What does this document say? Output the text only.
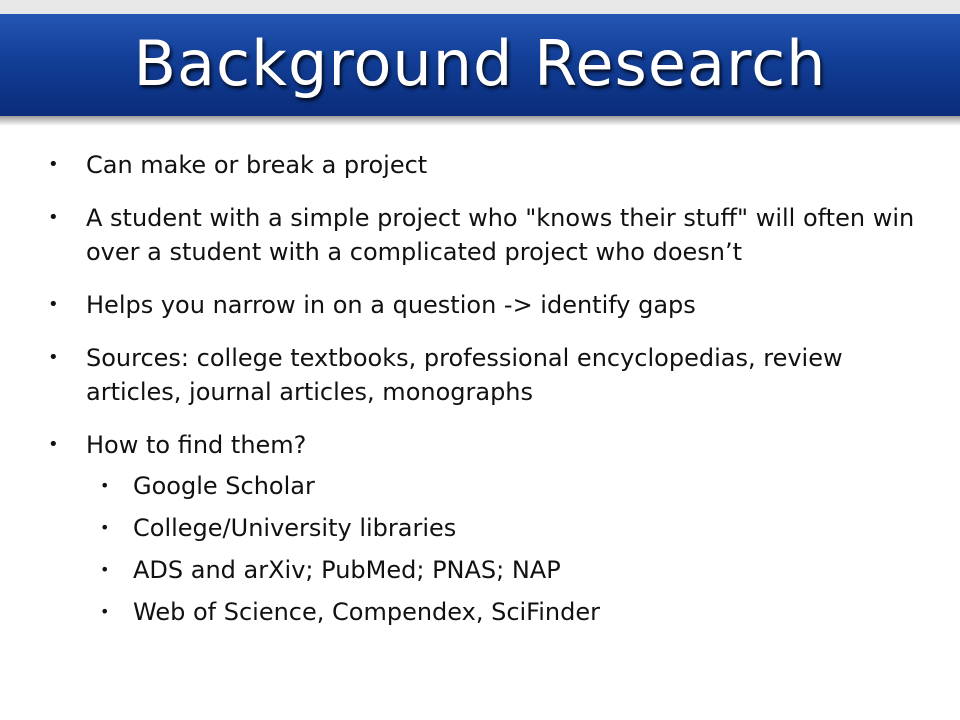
Background Research
• Can make or break a project
• A student with a simple project who "knows their stuff" will often win over a student with a complicated project who doesn’t
• Helps you narrow in on a question -> identify gaps
• Sources: college textbooks, professional encyclopedias, review articles, journal articles, monographs
• How to find them?
• Google Scholar
• College/University libraries
• ADS and arXiv; PubMed; PNAS; NAP
• Web of Science, Compendex, SciFinder
